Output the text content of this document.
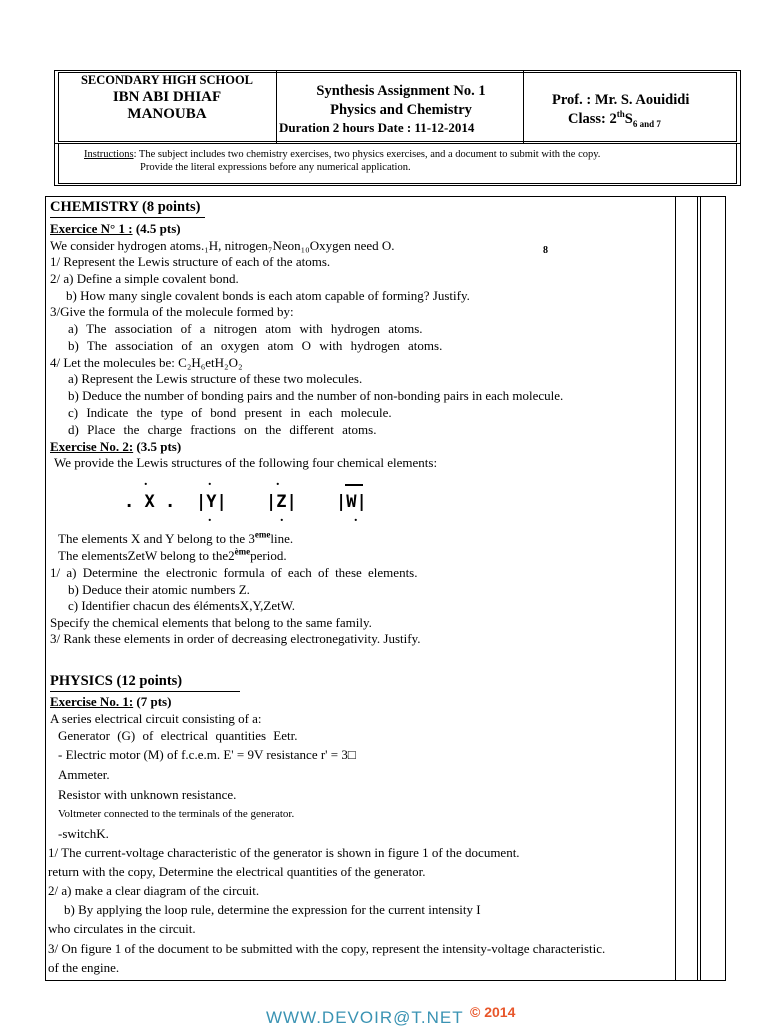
SECONDARY HIGH SCHOOL
IBN ABI DHIAF
MANOUBA
Synthesis Assignment No. 1
Physics and Chemistry
Duration 2 hours Date : 11-12-2014
Prof. : Mr. S. Aouididi
Class: $2thS_{6 and 7}$
Instructions: The subject includes two chemistry exercises, two physics exercises, and a document to submit with the copy.
Provide the literal expressions before any numerical application.
CHEMISTRY (8 points)
Exercice N° 1 : (4.5 pts)
We consider hydrogen atoms.₁H, nitrogen₇Neon₁₀Oxygen need O.	8
1/ Represent the Lewis structure of each of the atoms.
2/ a) Define a simple covalent bond.
b) How many single covalent bonds is each atom capable of forming? Justify.
3/Give the formula of the molecule formed by:
a) The association of a nitrogen atom with hydrogen atoms.
b) The association of an oxygen atom O with hydrogen atoms.
4/ Let the molecules be: C₂H₆etH₂O₂
a) Represent the Lewis structure of these two molecules.
b) Deduce the number of bonding pairs and the number of non-bonding pairs in each molecule.
c) Indicate the type of bond present in each molecule.
d) Place the charge fractions on the different atoms.
Exercise No. 2: (3.5 pts)
We provide the Lewis structures of the following four chemical elements:
.
. X .
.
|Y|
.
.
|Z|
.
|W|
.
The elements X and Y belong to the 3emeline.
The elementsZetW belong to the2èmeperiod.
1/ a) Determine the electronic formula of each of these elements.
b) Deduce their atomic numbers Z.
c) Identifier chacun des élémentsX,Y,ZetW.
Specify the chemical elements that belong to the same family.
3/ Rank these elements in order of decreasing electronegativity. Justify.
PHYSICS (12 points)
Exercise No. 1: (7 pts)
A series electrical circuit consisting of a:
Generator (G) of electrical quantities Eetr.
- Electric motor (M) of f.c.e.m. E' = 9V resistance r' = 3□
Ammeter.
Resistor with unknown resistance.
Voltmeter connected to the terminals of the generator.
-switchK.
1/ The current-voltage characteristic of the generator is shown in figure 1 of the document.
return with the copy, Determine the electrical quantities of the generator.
2/ a) make a clear diagram of the circuit.
b) By applying the loop rule, determine the expression for the current intensity I
who circulates in the circuit.
3/ On figure 1 of the document to be submitted with the copy, represent the intensity-voltage characteristic.
of the engine.
WWW.DEVOIR@T.NET © 2014
